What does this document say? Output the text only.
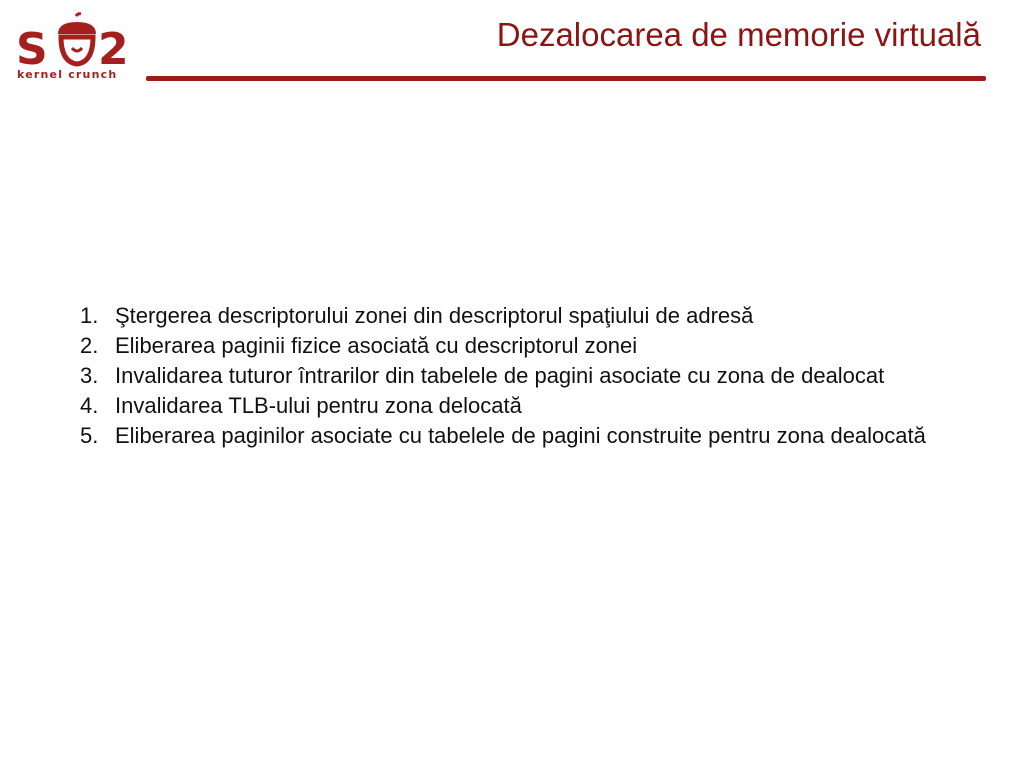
S 2
kernel crunch
Dezalocarea de memorie virtuală
1. Ştergerea descriptorului zonei din descriptorul spaţiului de adresă
2. Eliberarea paginii fizice asociată cu descriptorul zonei
3. Invalidarea tuturor întrarilor din tabelele de pagini asociate cu zona de dealocat
4. Invalidarea TLB-ului pentru zona delocată
5. Eliberarea paginilor asociate cu tabelele de pagini construite pentru zona dealocată
